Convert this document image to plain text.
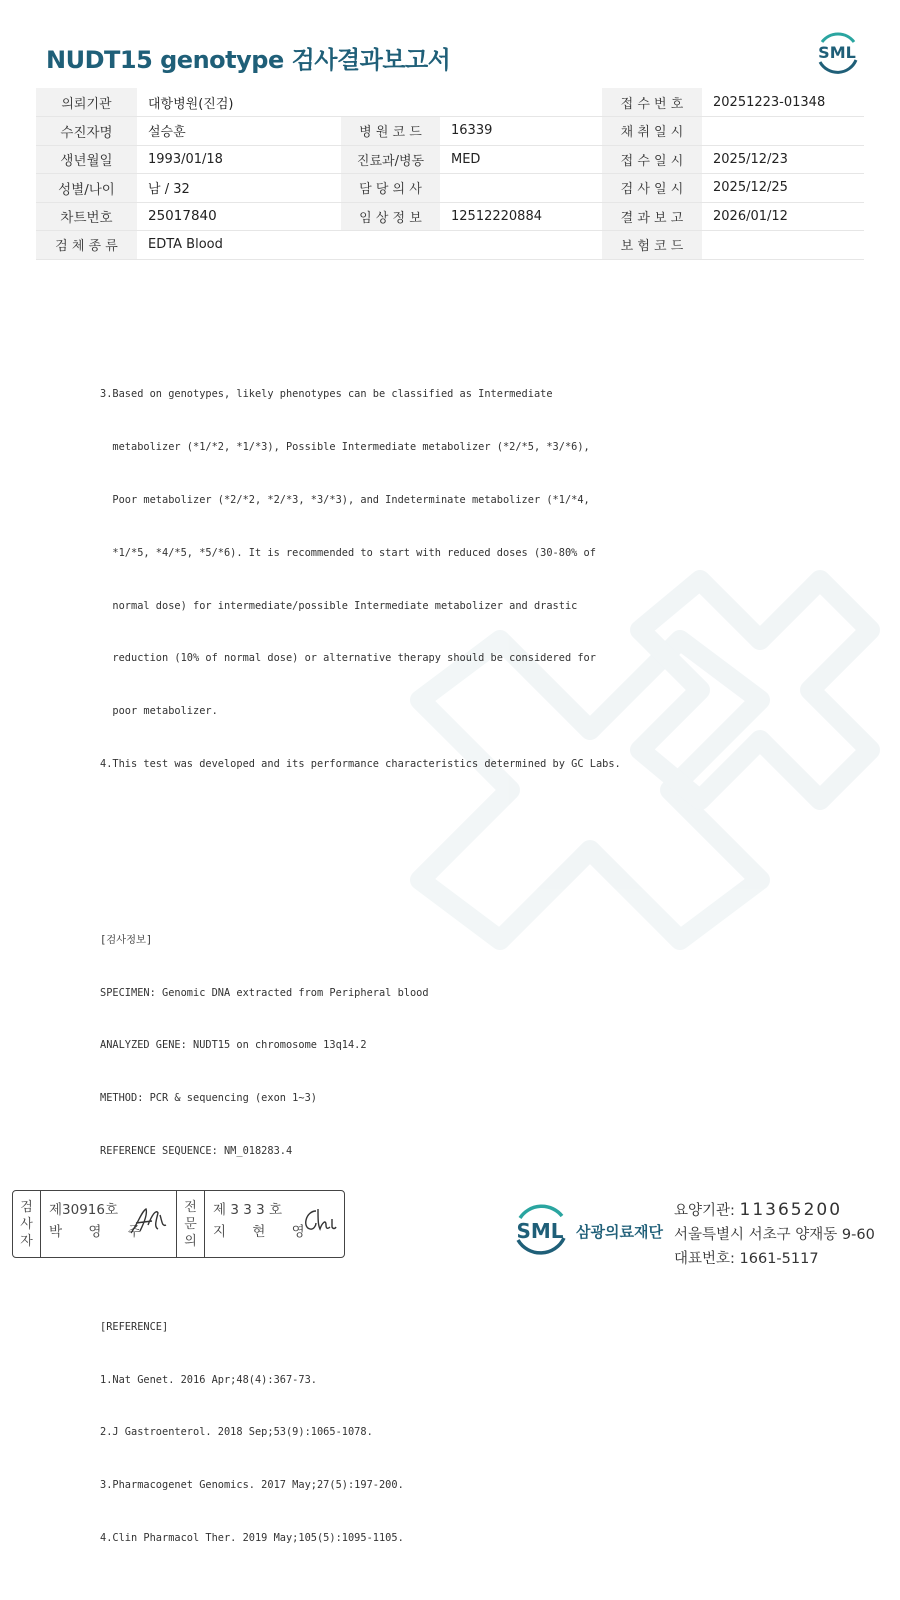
NUDT15 genotype 검사결과보고서	SML
의뢰기관	대항병원(진검)			접 수 번 호	20251223-01348
수진자명	설승훈	병 원 코 드	16339	채 취 일 시	
생년월일	1993/01/18	진료과/병동	MED	접 수 일 시	2025/12/23
성별/나이	남 / 32	담 당 의 사		검 사 일 시	2025/12/25
차트번호	25017840	임 상 정 보	12512220884	결 과 보 고	2026/01/12
검 체 종 류	EDTA Blood			보 험 코 드	

3.Based on genotypes, likely phenotypes can be classified as Intermediate

metabolizer (*1/*2, *1/*3), Possible Intermediate metabolizer (*2/*5, *3/*6),

Poor metabolizer (*2/*2, *2/*3, *3/*3), and Indeterminate metabolizer (*1/*4,

*1/*5, *4/*5, *5/*6). It is recommended to start with reduced doses (30-80% of

normal dose) for intermediate/possible Intermediate metabolizer and drastic

reduction (10% of normal dose) or alternative therapy should be considered for

poor metabolizer.

4.This test was developed and its performance characteristics determined by GC Labs.

[검사정보]

SPECIMEN: Genomic DNA extracted from Peripheral blood

ANALYZED GENE: NUDT15 on chromosome 13q14.2

METHOD: PCR & sequencing (exon 1~3)

REFERENCE SEQUENCE: NM_018283.4

[REFERENCE]

1.Nat Genet. 2016 Apr;48(4):367-73.

2.J Gastroenterol. 2018 Sep;53(9):1065-1078.

3.Pharmacogenet Genomics. 2017 May;27(5):197-200.

4.Clin Pharmacol Ther. 2019 May;105(5):1095-1105.

검
사
자
제30916호
박 영 주
전
문
의
제 3 3 3 호
지 현 영	SML 삼광의료재단
요양기관: 11365200
서울특별시 서초구 양재동 9-60
대표번호: 1661-5117
